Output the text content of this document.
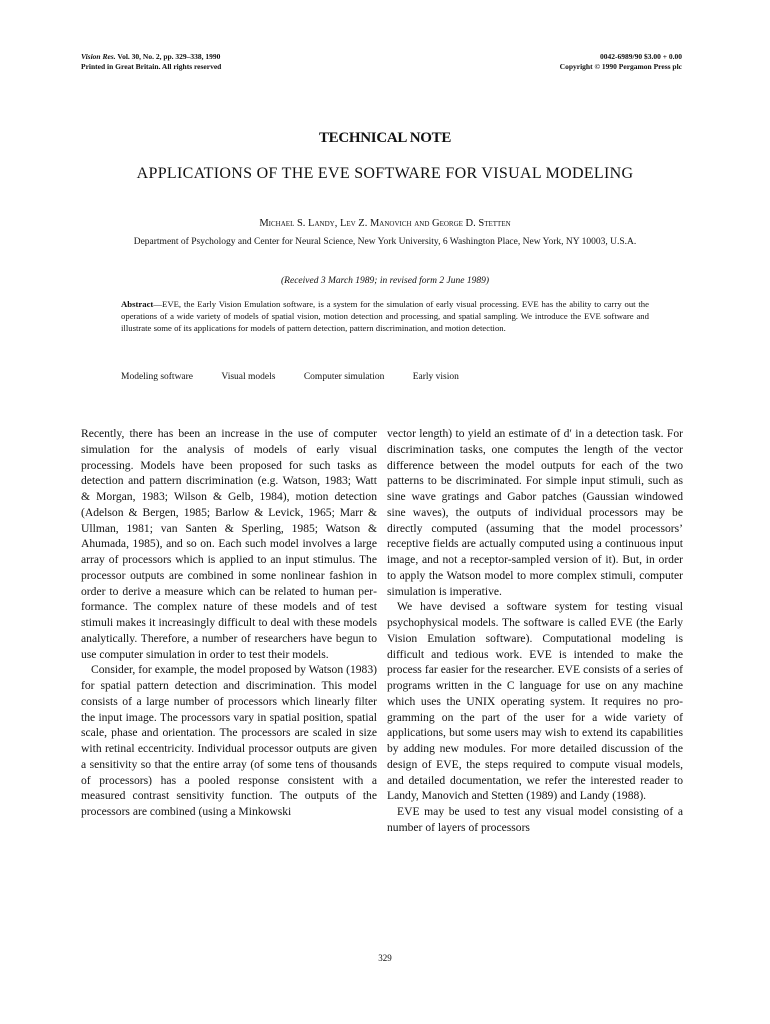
Vision Res. Vol. 30, No. 2, pp. 329–338, 1990
Printed in Great Britain. All rights reserved
0042-6989/90 $3.00 + 0.00
Copyright © 1990 Pergamon Press plc
TECHNICAL NOTE
APPLICATIONS OF THE EVE SOFTWARE FOR VISUAL MODELING
Michael S. Landy, Lev Z. Manovich and George D. Stetten
Department of Psychology and Center for Neural Science, New York University, 6 Washington Place, New York, NY 10003, U.S.A.
(Received 3 March 1989; in revised form 2 June 1989)
Abstract—EVE, the Early Vision Emulation software, is a system for the simulation of early visual processing. EVE has the ability to carry out the operations of a wide variety of models of spatial vision, motion detection and processing, and spatial sampling. We introduce the EVE software and illustrate some of its applications for models of pattern detection, pattern discrimination, and motion detection.
Modeling software	Visual models	Computer simulation	Early vision

Recently, there has been an increase in the use of computer simulation for the analysis of models of early visual processing. Models have been proposed for such tasks as detection and pattern discrimination (e.g. Watson, 1983; Watt & Morgan, 1983; Wilson & Gelb, 1984), motion detection (Adelson & Bergen, 1985; Barlow & Levick, 1965; Marr & Ullman, 1981; van Santen & Sperling, 1985; Watson & Ahumada, 1985), and so on. Each such model involves a large array of processors which is applied to an input stimulus. The processor outputs are combined in some nonlinear fashion in order to derive a measure which can be related to human performance. The complex nature of these models and of test stimuli makes it increasingly difficult to deal with these models analytically. Therefore, a number of researchers have begun to use computer simulation in order to test their models.

Consider, for example, the model proposed by Watson (1983) for spatial pattern detection and discrimination. This model consists of a large number of processors which linearly filter the input image. The processors vary in spatial position, spatial scale, phase and orientation. The processors are scaled in size with retinal eccentricity. Individual processor outputs are given a sensitivity so that the entire array (of some tens of thousands of processors) has a pooled response consistent with a measured contrast sensitivity function. The outputs of the processors are combined (using a Minkowski

vector length) to yield an estimate of d′ in a detection task. For discrimination tasks, one computes the length of the vector difference between the model outputs for each of the two patterns to be discriminated. For simple input stimuli, such as sine wave gratings and Gabor patches (Gaussian windowed sine waves), the outputs of individual processors may be directly computed (assuming that the model processors’ receptive fields are actually computed using a continuous input image, and not a receptor-sampled version of it). But, in order to apply the Watson model to more complex stimuli, computer simulation is imperative.

We have devised a software system for testing visual psychophysical models. The software is called EVE (the Early Vision Emulation software). Computational modeling is difficult and tedious work. EVE is intended to make the process far easier for the researcher. EVE consists of a series of programs written in the C language for use on any machine which uses the UNIX operating system. It requires no programming on the part of the user for a wide variety of applications, but some users may wish to extend its capabilities by adding new modules. For more detailed discussion of the design of EVE, the steps required to compute visual models, and detailed documentation, we refer the interested reader to Landy, Manovich and Stetten (1989) and Landy (1988).

EVE may be used to test any visual model consisting of a number of layers of processors

329
